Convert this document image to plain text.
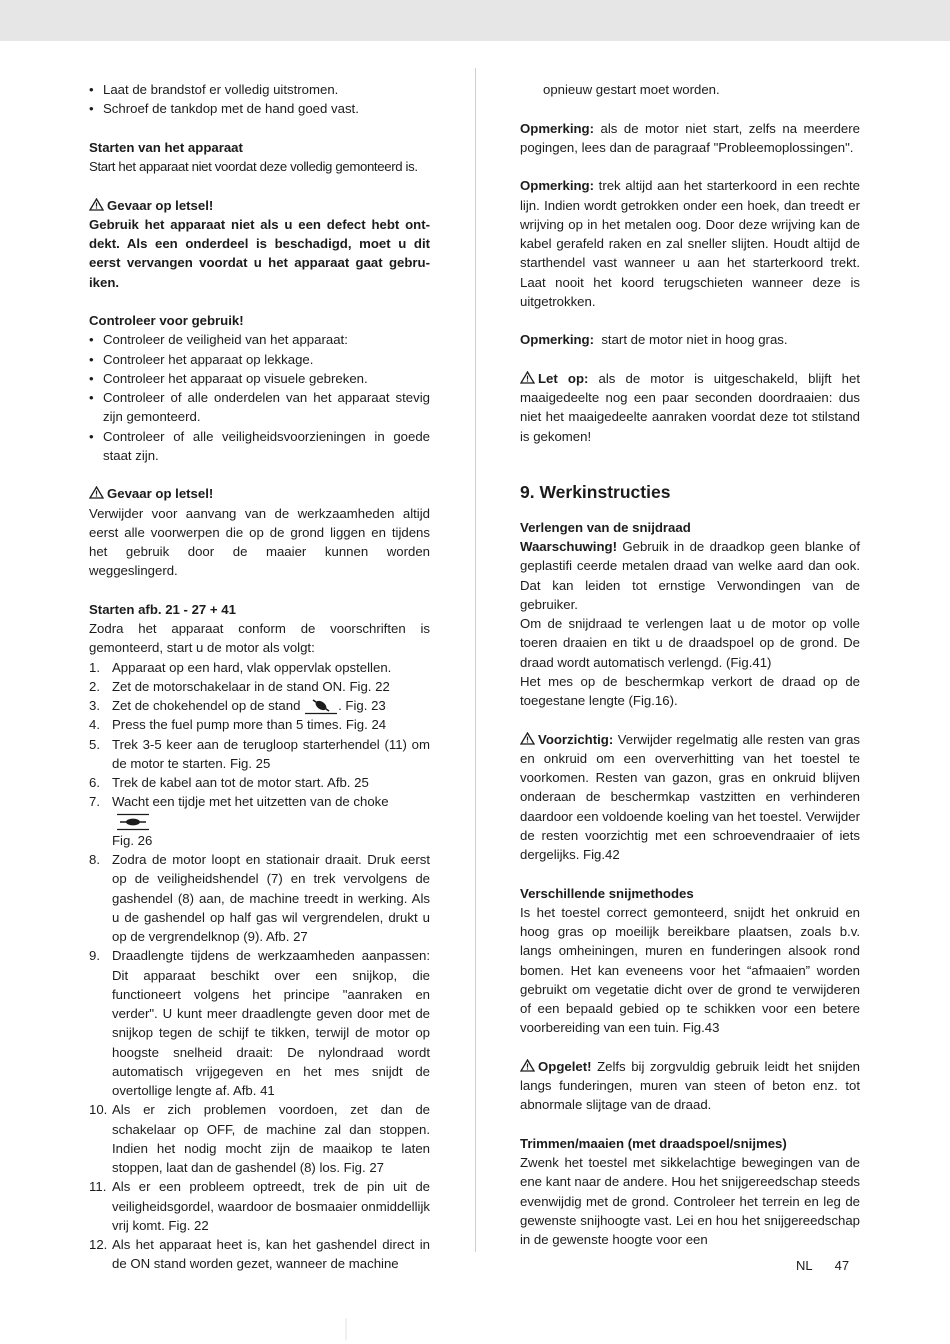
• Laat de brandstof er volledig uitstromen.
• Schroef de tankdop met de hand goed vast.

Starten van het apparaat

Start het apparaat niet voordat deze volledig gemonteerd is.

Gevaar op letsel!

Gebruik het apparaat niet als u een defect hebt ont-dekt. Als een onderdeel is beschadigd, moet u dit eerst vervangen voordat u het apparaat gaat gebru-iken.

Controleer voor gebruik!

• Controleer de veiligheid van het apparaat:
• Controleer het apparaat op lekkage.
• Controleer het apparaat op visuele gebreken.
• Controleer of alle onderdelen van het apparaat stevig zijn gemonteerd.
• Controleer of alle veiligheidsvoorzieningen in goede staat zijn.

Gevaar op letsel!

Verwijder voor aanvang van de werkzaamheden altijd eerst alle voorwerpen die op de grond liggen en tijdens het gebruik door de maaier kunnen worden weggeslingerd.

Starten afb. 21 - 27 + 41

Zodra het apparaat conform de voorschriften is gemonteerd, start u de motor als volgt:

1. Apparaat op een hard, vlak oppervlak opstellen.
2. Zet de motorschakelaar in de stand ON. Fig. 22
3. Zet de chokehendel op de stand	. Fig. 23
4. Press the fuel pump more than 5 times. Fig. 24
5. Trek 3-5 keer aan de terugloop starterhendel (11) om de motor te starten. Fig. 25
6. Trek de kabel aan tot de motor start. Afb. 25
7. Wacht een tijdje met het uitzetten van de choke
Fig. 26
8. Zodra de motor loopt en stationair draait. Druk eerst op de veiligheidshendel (7) en trek vervolgens de gashendel (8) aan, de machine treedt in werking. Als u de gashendel op half gas wil vergrendelen, drukt u op de vergrendelknop (9). Afb. 27
9. Draadlengte tijdens de werkzaamheden aanpassen: Dit apparaat beschikt over een snijkop, die functioneert volgens het principe "aanraken en verder". U kunt meer draadlengte geven door met de snijkop tegen de schijf te tikken, terwijl de motor op hoogste snelheid draait: De nylondraad wordt automatisch vrijgegeven en het mes snijdt de overtollige lengte af. Afb. 41
10. Als er zich problemen voordoen, zet dan de schakelaar op OFF, de machine zal dan stoppen. Indien het nodig mocht zijn de maaikop te laten stoppen, laat dan de gashendel (8) los. Fig. 27
11. Als er een probleem optreedt, trek de pin uit de veiligheidsgordel, waardoor de bosmaaier onmiddellijk vrij komt. Fig. 22
12. Als het apparaat heet is, kan het gashendel direct in de ON stand worden gezet, wanneer de machine

opnieuw gestart moet worden.

Opmerking: als de motor niet start, zelfs na meerdere pogingen, lees dan de paragraaf "Probleemoplossingen".

Opmerking: trek altijd aan het starterkoord in een rechte lijn. Indien wordt getrokken onder een hoek, dan treedt er wrijving op in het metalen oog. Door deze wrijving kan de kabel gerafeld raken en zal sneller slijten. Houdt altijd de starthendel vast wanneer u aan het starterkoord trekt. Laat nooit het koord terugschieten wanneer deze is uitgetrokken.

Opmerking:  start de motor niet in hoog gras.

Let op: als de motor is uitgeschakeld, blijft het maaigedeelte nog een paar seconden doordraaien: dus niet het maaigedeelte aanraken voordat deze tot stilstand is gekomen!

9. Werkinstructies

Verlengen van de snijdraad

Waarschuwing! Gebruik in de draadkop geen blanke of geplastifi ceerde metalen draad van welke aard dan ook. Dat kan leiden tot ernstige Verwondingen van de gebruiker.

Om de snijdraad te verlengen laat u de motor op volle toeren draaien en tikt u de draadspoel op de grond. De draad wordt automatisch verlengd. (Fig.41)

Het mes op de beschermkap verkort de draad op de toegestane lengte (Fig.16).

Voorzichtig: Verwijder regelmatig alle resten van gras en onkruid om een oververhitting van het toestel te voorkomen. Resten van gazon, gras en onkruid blijven onderaan de beschermkap vastzitten en verhinderen daardoor een voldoende koeling van het toestel. Verwijder de resten voorzichtig met een schroevendraaier of iets dergelijks. Fig.42

Verschillende snijmethodes

Is het toestel correct gemonteerd, snijdt het onkruid en hoog gras op moeilijk bereikbare plaatsen, zoals b.v. langs omheiningen, muren en funderingen alsook rond bomen. Het kan eveneens voor het “afmaaien” worden gebruikt om vegetatie dicht over de grond te verwijderen of een bepaald gebied op te schikken voor een betere voorbereiding van een tuin. Fig.43

Opgelet! Zelfs bij zorgvuldig gebruik leidt het snijden langs funderingen, muren van steen of beton enz. tot abnormale slijtage van de draad.

Trimmen/maaien (met draadspoel/snijmes)

Zwenk het toestel met sikkelachtige bewegingen van de ene kant naar de andere. Hou het snijgereedschap steeds evenwijdig met de grond. Controleer het terrein en leg de gewenste snijhoogte vast. Lei en hou het snijgereedschap in de gewenste hoogte voor een

NL 47
